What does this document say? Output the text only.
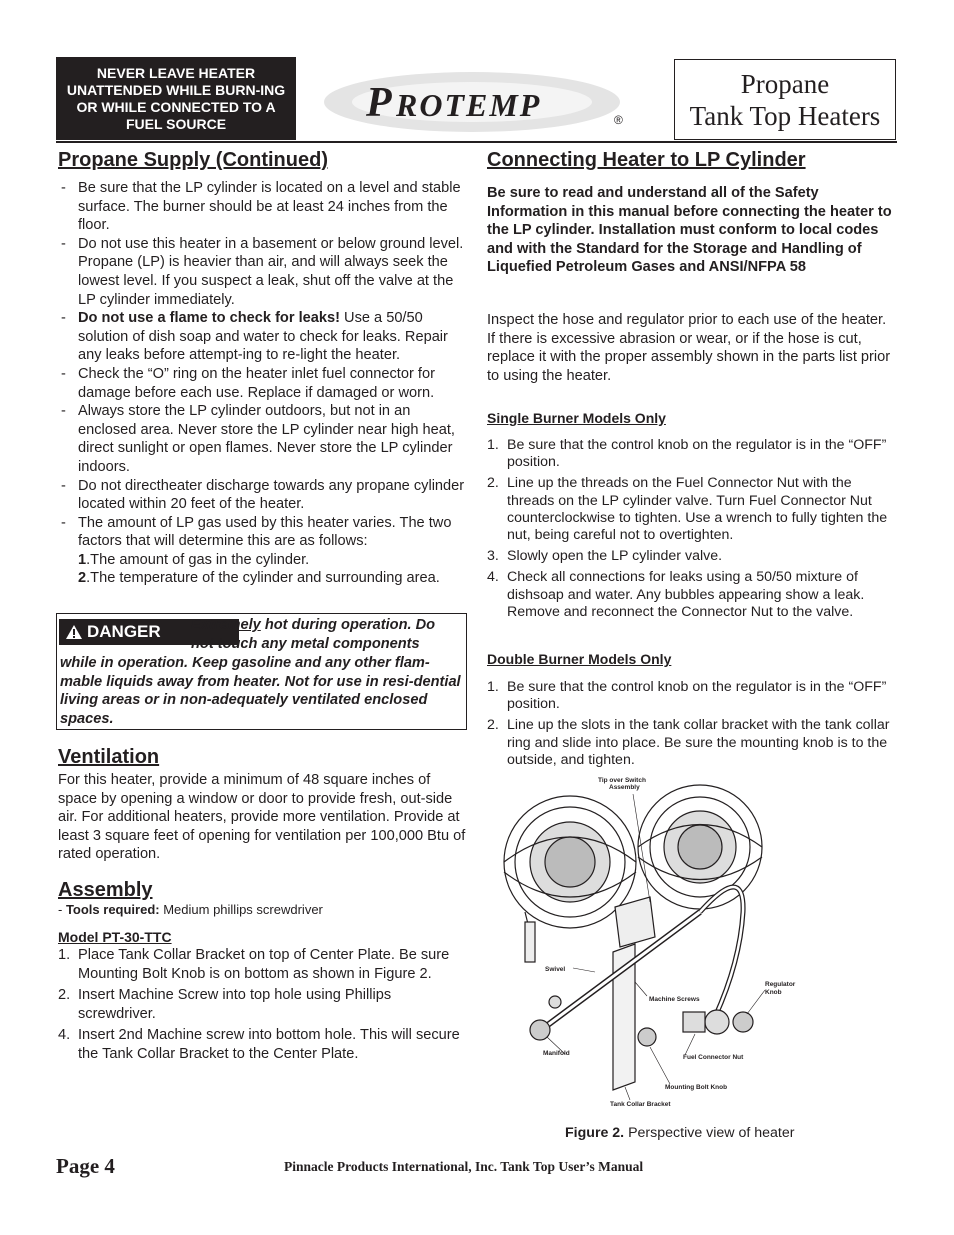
NEVER LEAVE HEATER UNATTENDED WHILE BURN-ING OR WHILE CONNECTED TO A FUEL SOURCE	P ROTEMP	®
Propane
Tank Top Heaters
Propane Supply (Continued)
- Be sure that the LP cylinder is located on a level and stable surface. The burner should be at least 24 inches from the floor.
- Do not use this heater in a basement or below ground level. Propane (LP) is heavier than air, and will always seek the lowest level. If you suspect a leak, shut off the valve at the LP cylinder immediately.
- Do not use a flame to check for leaks! Use a 50/50 solution of dish soap and water to check for leaks. Repair any leaks before attempt-ing to re-light the heater.
- Check the “O” ring on the heater inlet fuel connector for damage before each use. Replace if damaged or worn.
- Always store the LP cylinder outdoors, but not in an enclosed area. Never store the LP cylinder near high heat, direct sunlight or open flames. Never store the LP cylinder indoors.
- Do not directheater discharge towards any propane cylinder located within 20 feet of the heater.
- The amount of LP gas used by this heater varies. The two factors that will determine this are as follows:
1.The amount of gas in the cylinder.
2.The temperature of the cylinder and surrounding area.
DANGER Extremely hot during operation. Do
not touch any metal components
while in operation. Keep gasoline and any other flam-mable liquids away from heater. Not for use in resi-dential living areas or in non-adequately ventilated enclosed spaces.
Ventilation
For this heater, provide a minimum of 48 square inches of space by opening a window or door to provide fresh, out-side air. For additional heaters, provide more ventilation. Provide at least 3 square feet of opening for ventilation per 100,000 Btu of rated operation.
Assembly
- Tools required: Medium phillips screwdriver
Model PT-30-TTC
1. Place Tank Collar Bracket on top of Center Plate. Be sure Mounting Bolt Knob is on bottom as shown in Figure 2.
2. Insert Machine Screw into top hole using Phillips screwdriver.
4. Insert 2nd Machine screw into bottom hole. This will secure the Tank Collar Bracket to the Center Plate.
Connecting Heater to LP Cylinder
Be sure to read and understand all of the Safety Information in this manual before connecting the heater to the LP cylinder. Installation must conform to local codes and with the Standard for the Storage and Handling of Liquefied Petroleum Gases and ANSI/NFPA 58
Inspect the hose and regulator prior to each use of the heater. If there is excessive abrasion or wear, or if the hose is cut, replace it with the proper assembly shown in the parts list prior to using the heater.
Single Burner Models Only
1. Be sure that the control knob on the regulator is in the “OFF” position.
2. Line up the threads on the Fuel Connector Nut with the threads on the LP cylinder valve. Turn Fuel Connector Nut counterclockwise to tighten. Use a wrench to fully tighten the nut, being careful not to overtighten.
3. Slowly open the LP cylinder valve.
4. Check all connections for leaks using a 50/50 mixture of dishsoap and water. Any bubbles appearing show a leak. Remove and reconnect the Connector Nut to the valve.
Double Burner Models Only
1. Be sure that the control knob on the regulator is in the “OFF” position.
2. Line up the slots in the tank collar bracket with the tank collar ring and slide into place. Be sure the mounting knob is to the outside, and tighten.
Tip over Switch
Assembly
Swivel
Regulator
Knob
Machine Screws
Manifold
Fuel Connector Nut
Mounting Bolt Knob
Tank Collar Bracket
Figure 2. Perspective view of heater
Page 4	Pinnacle Products International, Inc. Tank Top User’s Manual
